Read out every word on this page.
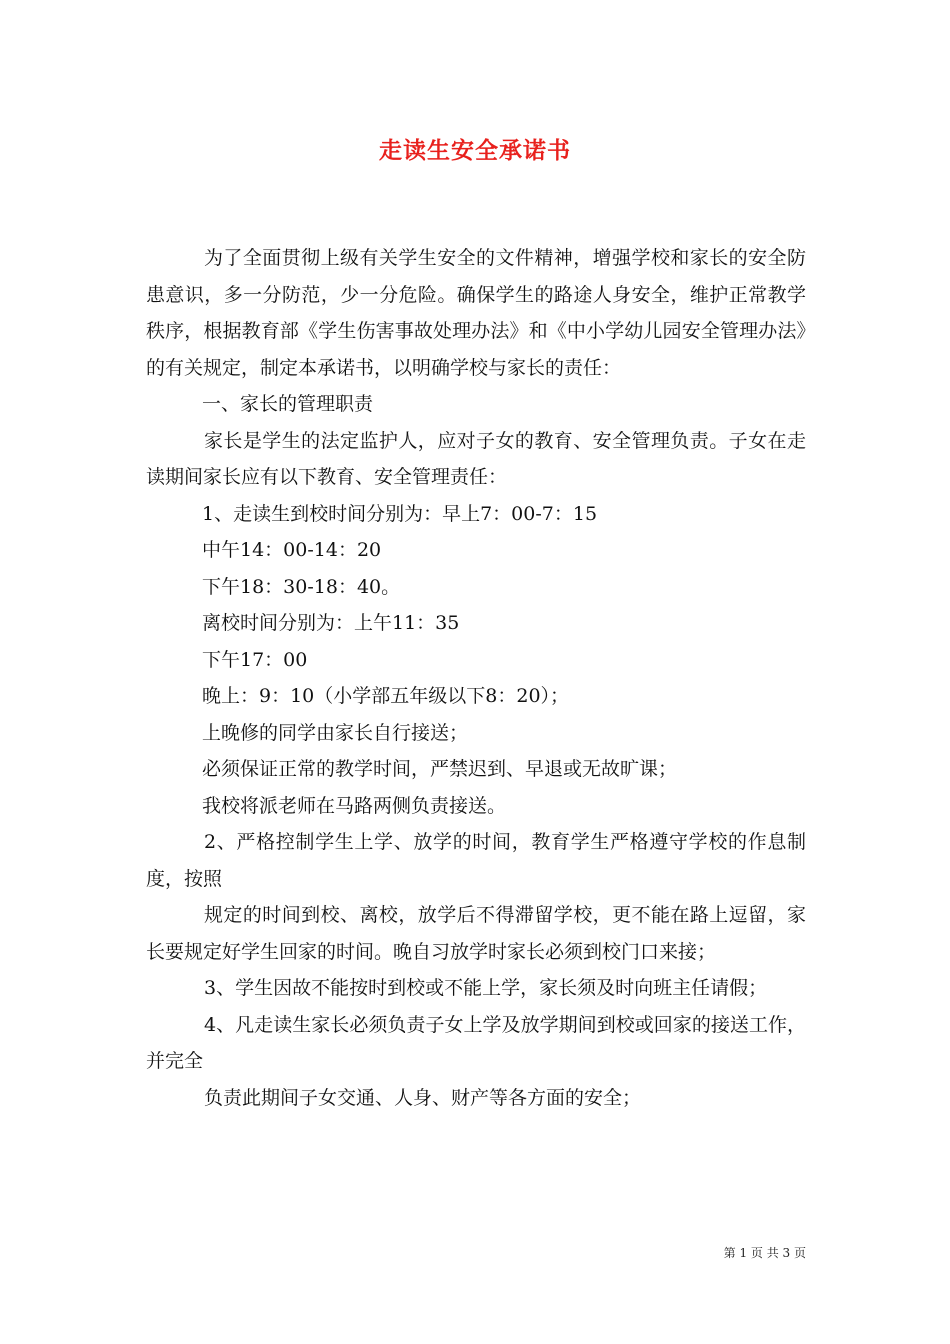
走读生安全承诺书

为了全面贯彻上级有关学生安全的文件精神，增强学校和家长的安全防患意识，多一分防范，少一分危险。确保学生的路途人身安全，维护正常教学秩序，根据教育部《学生伤害事故处理办法》和《中小学幼儿园安全管理办法》的有关规定，制定本承诺书，以明确学校与家长的责任：

一、家长的管理职责

家长是学生的法定监护人，应对子女的教育、安全管理负责。子女在走读期间家长应有以下教育、安全管理责任：

1、走读生到校时间分别为：早上7：00-7：15

中午14：00-14：20

下午18：30-18：40。

离校时间分别为：上午11：35

下午17：00

晚上：9：10（小学部五年级以下8：20）；

上晚修的同学由家长自行接送；

必须保证正常的教学时间，严禁迟到、早退或无故旷课；

我校将派老师在马路两侧负责接送。

2、严格控制学生上学、放学的时间，教育学生严格遵守学校的作息制度，按照

规定的时间到校、离校，放学后不得滞留学校，更不能在路上逗留，家长要规定好学生回家的时间。晚自习放学时家长必须到校门口来接；

3、学生因故不能按时到校或不能上学，家长须及时向班主任请假；

4、凡走读生家长必须负责子女上学及放学期间到校或回家的接送工作，并完全

负责此期间子女交通、人身、财产等各方面的安全；

第 1 页 共 3 页
